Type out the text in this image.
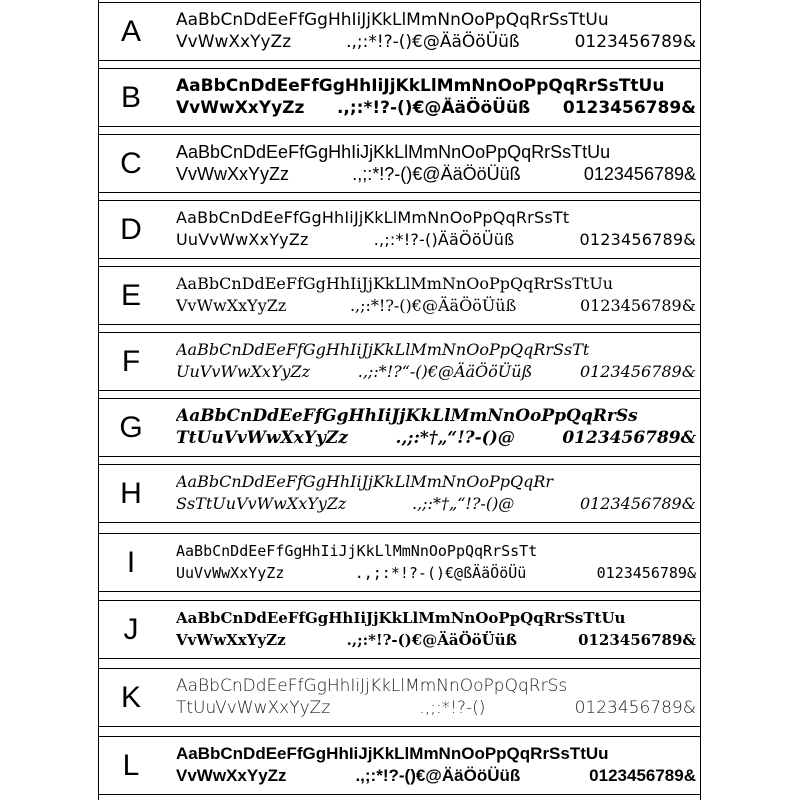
A	AaBbCnDdEeFfGgHhIiJjKkLlMmNnOoPpQqRrSsTtUu
VvWwXxYyZz	.,;:*!?-()€@ÄäÖöÜüß	0123456789&
B	AaBbCnDdEeFfGgHhIiJjKkLlMmNnOoPpQqRrSsTtUu
VvWwXxYyZz .,;:*!?-()€@ÄäÖöÜüß 0123456789&
C	AaBbCnDdEeFfGgHhIiJjKkLlMmNnOoPpQqRrSsTtUu
VvWwXxYyZz	.,;:*!?-()€@ÄäÖöÜüß	0123456789&
D	AaBbCnDdEeFfGgHhIiJjKkLlMmNnOoPpQqRrSsTt
UuVvWwXxYyZz	.,;:*!?-()ÄäÖöÜüß	0123456789&
E	AaBbCnDdEeFfGgHhIiJjKkLlMmNnOoPpQqRrSsTtUu
VvWwXxYyZz	.,;:*!?-()€@ÄäÖöÜüß	0123456789&
F	AaBbCnDdEeFfGgHhIiJjKkLlMmNnOoPpQqRrSsTt
UuVvWwXxYyZz	.,;:*!?“-()€@ÄäÖöÜüß	0123456789&
G	AaBbCnDdEeFfGgHhIiJjKkLlMmNnOoPpQqRrSs
TtUuVvWwXxYyZz	.,;:*†„“!?-()@	0123456789&
H	AaBbCnDdEeFfGgHhIiJjKkLlMmNnOoPpQqRr
SsTtUuVvWwXxYyZz	.,;:*†„“!?-()@	0123456789&
I	AaBbCnDdEeFfGgHhIiJjKkLlMmNnOoPpQqRrSsTt
UuVvWwXxYyZz	.,;:*!?-()€@ßÄäÖöÜü	0123456789&
J	AaBbCnDdEeFfGgHhIiJjKkLlMmNnOoPpQqRrSsTtUu
VvWwXxYyZz	.,;:*!?-()€@ÄäÖöÜüß	0123456789&
K	AaBbCnDdEeFfGgHhIiJjKkLlMmNnOoPpQqRrSs
TtUuVvWwXxYyZz	.,;:*!?-()	0123456789&
L	AaBbCnDdEeFfGgHhIiJjKkLlMmNnOoPpQqRrSsTtUu
VvWwXxYyZz	.,;:*!?-()€@ÄäÖöÜüß	0123456789&
